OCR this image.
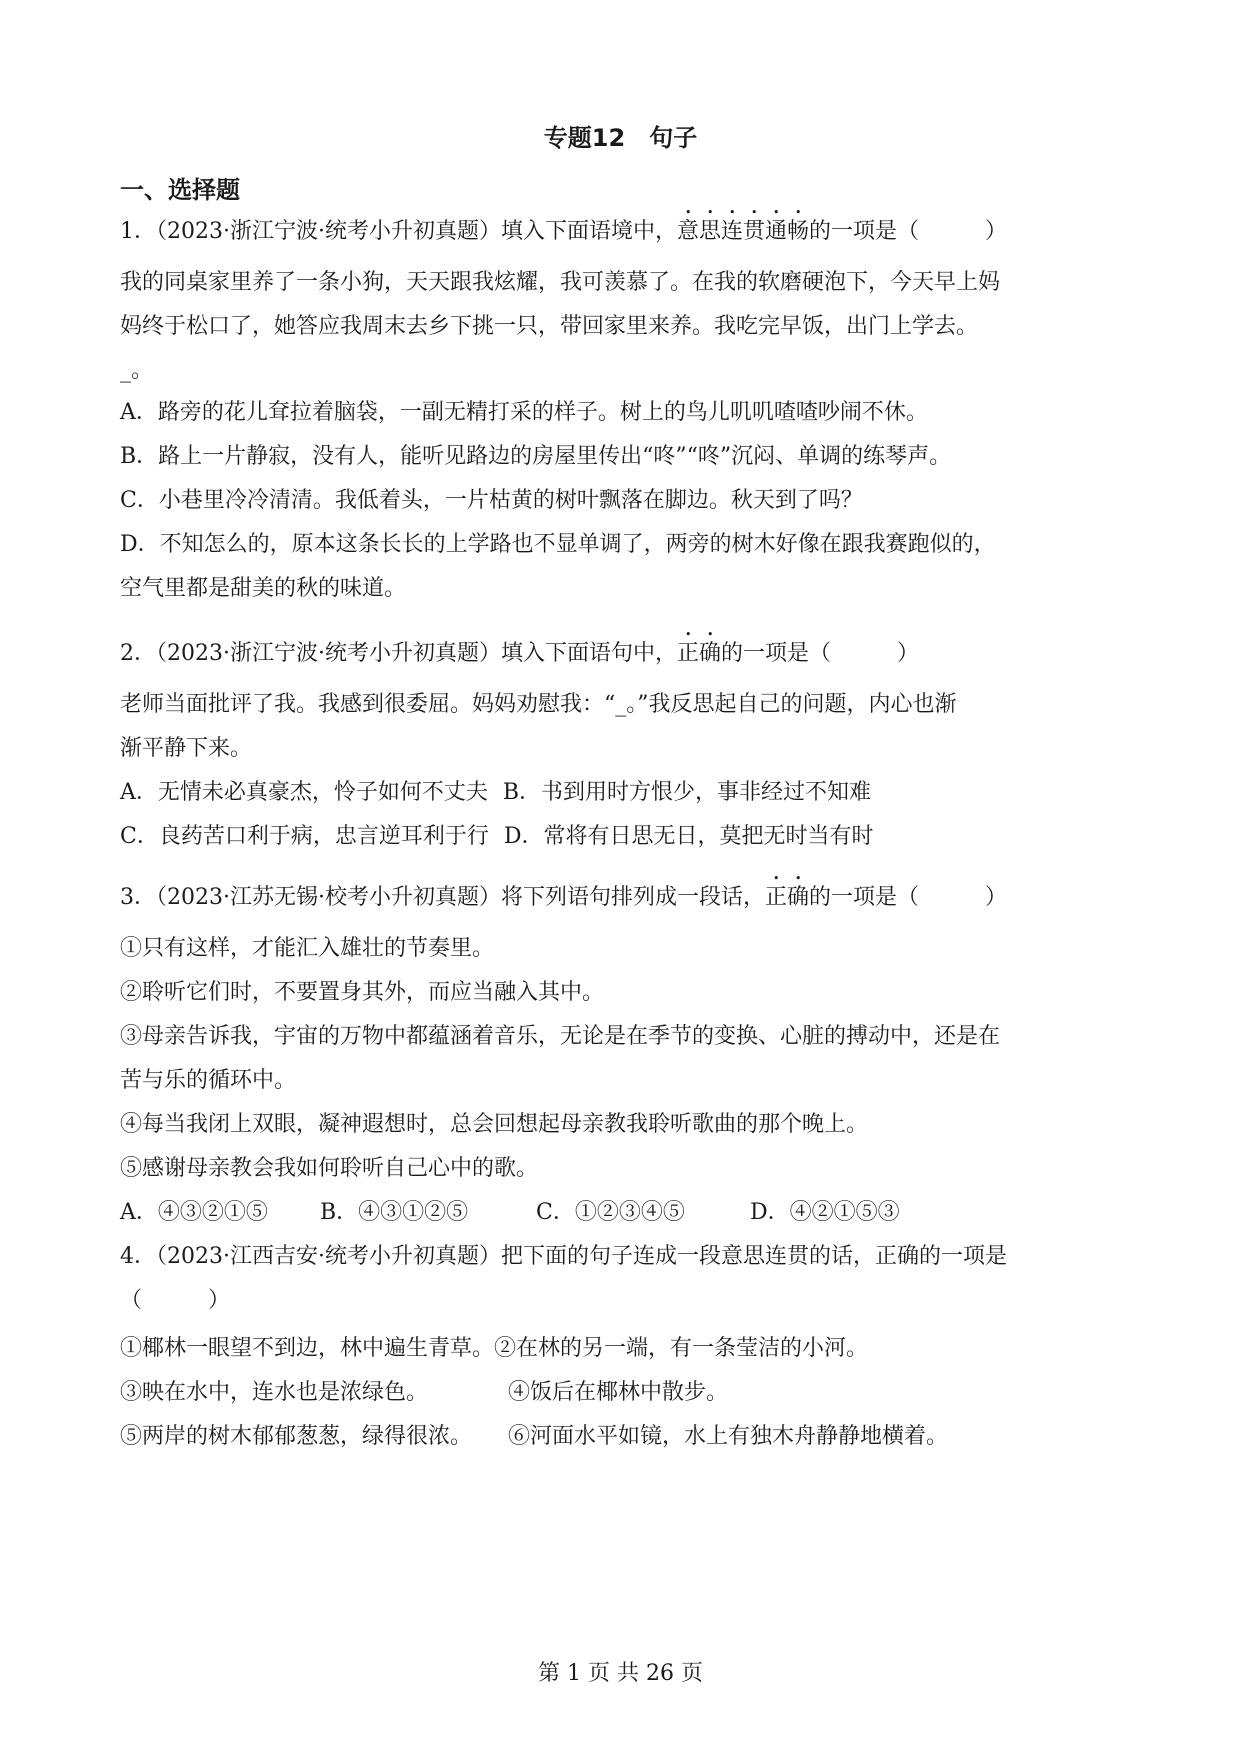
专题12　句子
一、选择题
1．（2023·浙江宁波·统考小升初真题）填入下面语境中，意思连贯通畅的一项是（　　　）
我的同桌家里养了一条小狗，天天跟我炫耀，我可羡慕了。在我的软磨硬泡下，今天早上妈
妈终于松口了，她答应我周末去乡下挑一只，带回家里来养。我吃完早饭，出门上学去。
_。
A．路旁的花儿耷拉着脑袋，一副无精打采的样子。树上的鸟儿叽叽喳喳吵闹不休。
B．路上一片静寂，没有人，能听见路边的房屋里传出“咚”“咚”沉闷、单调的练琴声。
C．小巷里冷冷清清。我低着头，一片枯黄的树叶飘落在脚边。秋天到了吗？
D．不知怎么的，原本这条长长的上学路也不显单调了，两旁的树木好像在跟我赛跑似的，
空气里都是甜美的秋的味道。
2．（2023·浙江宁波·统考小升初真题）填入下面语句中，正确的一项是（　　　）
老师当面批评了我。我感到很委屈。妈妈劝慰我：“_。”我反思起自己的问题，内心也渐
渐平静下来。
A．无情未必真豪杰，怜子如何不丈夫 B．书到用时方恨少，事非经过不知难
C．良药苦口利于病，忠言逆耳利于行 D．常将有日思无日，莫把无时当有时
3．（2023·江苏无锡·校考小升初真题）将下列语句排列成一段话，正确的一项是（　　　）
①只有这样，才能汇入雄壮的节奏里。
②聆听它们时，不要置身其外，而应当融入其中。
③母亲告诉我，宇宙的万物中都蕴涵着音乐，无论是在季节的变换、心脏的搏动中，还是在
苦与乐的循环中。
④每当我闭上双眼，凝神遐想时，总会回想起母亲教我聆听歌曲的那个晚上。
⑤感谢母亲教会我如何聆听自己心中的歌。
A．④③②①⑤ B．④③①②⑤	C．①②③④⑤	D．④②①⑤③
4．（2023·江西吉安·统考小升初真题）把下面的句子连成一段意思连贯的话，正确的一项是
（　　　）
①椰林一眼望不到边，林中遍生青草。②在林的另一端，有一条莹洁的小河。
③映在水中，连水也是浓绿色。	④饭后在椰林中散步。
⑤两岸的树木郁郁葱葱，绿得很浓。 ⑥河面水平如镜，水上有独木舟静静地横着。
第 1 页 共 26 页
